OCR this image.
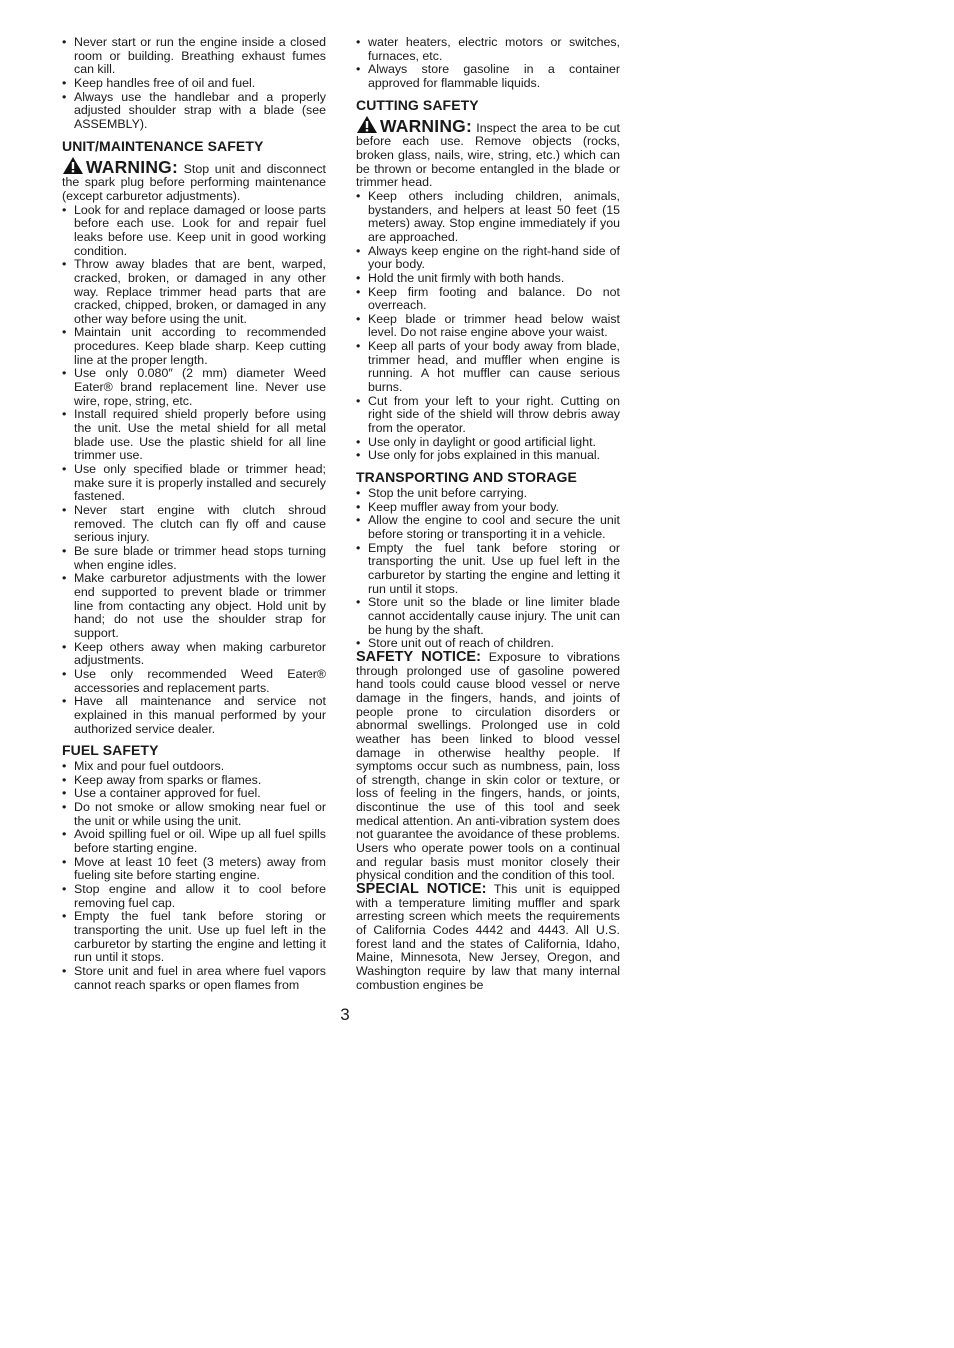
• Never start or run the engine inside a closed room or building. Breathing exhaust fumes can kill.
• Keep handles free of oil and fuel.
• Always use the handlebar and a properly adjusted shoulder strap with a blade (see ASSEMBLY).
UNIT/MAINTENANCE SAFETY

WARNING: Stop unit and disconnect the spark plug before performing maintenance (except carburetor adjustments).

• Look for and replace damaged or loose parts before each use. Look for and repair fuel leaks before use. Keep unit in good working condition.
• Throw away blades that are bent, warped, cracked, broken, or damaged in any other way. Replace trimmer head parts that are cracked, chipped, broken, or damaged in any other way before using the unit.
• Maintain unit according to recommended procedures. Keep blade sharp. Keep cutting line at the proper length.
• Use only 0.080″ (2 mm) diameter Weed Eater® brand replacement line. Never use wire, rope, string, etc.
• Install required shield properly before using the unit. Use the metal shield for all metal blade use. Use the plastic shield for all line trimmer use.
• Use only specified blade or trimmer head; make sure it is properly installed and securely fastened.
• Never start engine with clutch shroud removed. The clutch can fly off and cause serious injury.
• Be sure blade or trimmer head stops turning when engine idles.
• Make carburetor adjustments with the lower end supported to prevent blade or trimmer line from contacting any object. Hold unit by hand; do not use the shoulder strap for support.
• Keep others away when making carburetor adjustments.
• Use only recommended Weed Eater® accessories and replacement parts.
• Have all maintenance and service not explained in this manual performed by your authorized service dealer.
FUEL SAFETY
• Mix and pour fuel outdoors.
• Keep away from sparks or flames.
• Use a container approved for fuel.
• Do not smoke or allow smoking near fuel or the unit or while using the unit.
• Avoid spilling fuel or oil. Wipe up all fuel spills before starting engine.
• Move at least 10 feet (3 meters) away from fueling site before starting engine.
• Stop engine and allow it to cool before removing fuel cap.
• Empty the fuel tank before storing or transporting the unit. Use up fuel left in the carburetor by starting the engine and letting it run until it stops.
• Store unit and fuel in area where fuel vapors cannot reach sparks or open flames from
• water heaters, electric motors or switches, furnaces, etc.
• Always store gasoline in a container approved for flammable liquids.
CUTTING SAFETY

WARNING: Inspect the area to be cut before each use. Remove objects (rocks, broken glass, nails, wire, string, etc.) which can be thrown or become entangled in the blade or trimmer head.

• Keep others including children, animals, bystanders, and helpers at least 50 feet (15 meters) away. Stop engine immediately if you are approached.
• Always keep engine on the right-hand side of your body.
• Hold the unit firmly with both hands.
• Keep firm footing and balance. Do not overreach.
• Keep blade or trimmer head below waist level. Do not raise engine above your waist.
• Keep all parts of your body away from blade, trimmer head, and muffler when engine is running. A hot muffler can cause serious burns.
• Cut from your left to your right. Cutting on right side of the shield will throw debris away from the operator.
• Use only in daylight or good artificial light.
• Use only for jobs explained in this manual.
TRANSPORTING AND STORAGE
• Stop the unit before carrying.
• Keep muffler away from your body.
• Allow the engine to cool and secure the unit before storing or transporting it in a vehicle.
• Empty the fuel tank before storing or transporting the unit. Use up fuel left in the carburetor by starting the engine and letting it run until it stops.
• Store unit so the blade or line limiter blade cannot accidentally cause injury. The unit can be hung by the shaft.
• Store unit out of reach of children.

SAFETY NOTICE: Exposure to vibrations through prolonged use of gasoline powered hand tools could cause blood vessel or nerve damage in the fingers, hands, and joints of people prone to circulation disorders or abnormal swellings. Prolonged use in cold weather has been linked to blood vessel damage in otherwise healthy people. If symptoms occur such as numbness, pain, loss of strength, change in skin color or texture, or loss of feeling in the fingers, hands, or joints, discontinue the use of this tool and seek medical attention. An anti-vibration system does not guarantee the avoidance of these problems. Users who operate power tools on a continual and regular basis must monitor closely their physical condition and the condition of this tool.

SPECIAL NOTICE: This unit is equipped with a temperature limiting muffler and spark arresting screen which meets the requirements of California Codes 4442 and 4443. All U.S. forest land and the states of California, Idaho, Maine, Minnesota, New Jersey, Oregon, and Washington require by law that many internal combustion engines be

3
